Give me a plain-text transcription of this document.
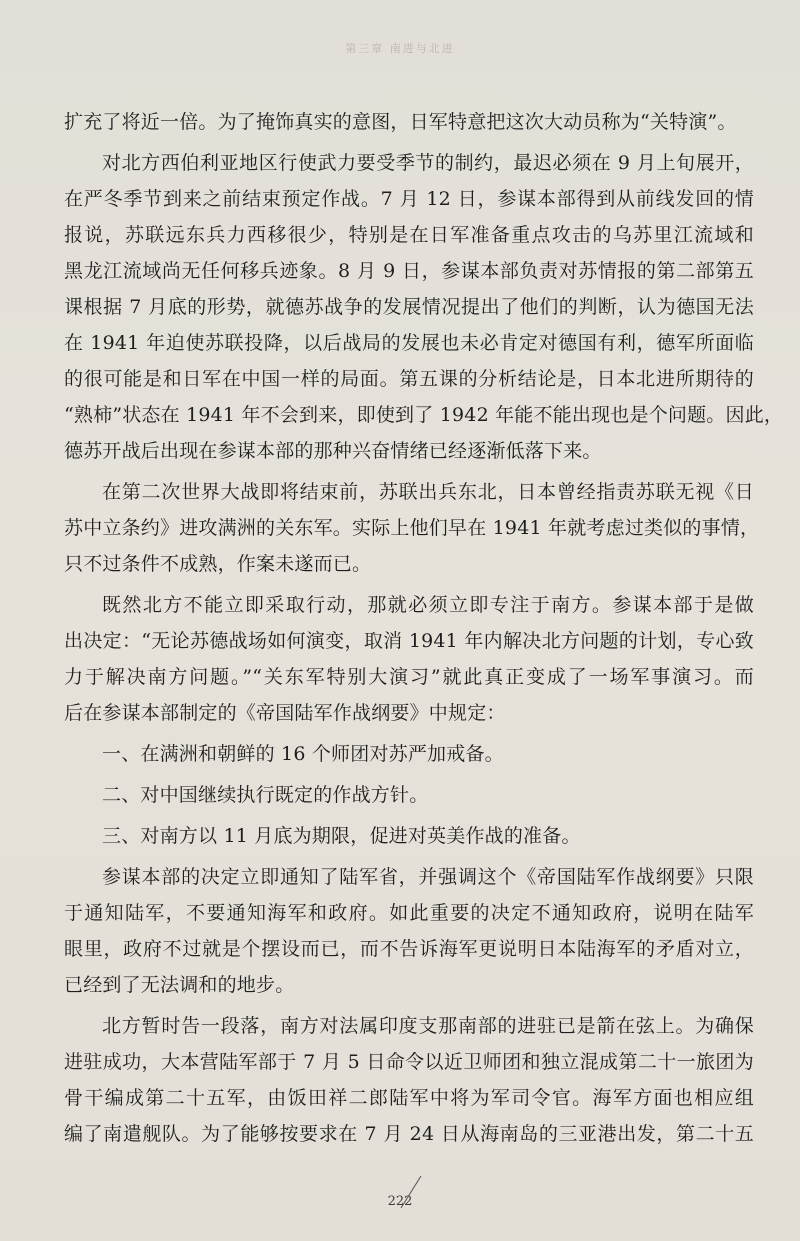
第三章 南进与北进
扩充了将近一倍。为了掩饰真实的意图，日军特意把这次大动员称为“关特演”。
对北方西伯利亚地区行使武力要受季节的制约，最迟必须在 9 月上旬展开，
在严冬季节到来之前结束预定作战。7 月 12 日，参谋本部得到从前线发回的情
报说，苏联远东兵力西移很少，特别是在日军准备重点攻击的乌苏里江流域和
黑龙江流域尚无任何移兵迹象。8 月 9 日，参谋本部负责对苏情报的第二部第五
课根据 7 月底的形势，就德苏战争的发展情况提出了他们的判断，认为德国无法
在 1941 年迫使苏联投降，以后战局的发展也未必肯定对德国有利，德军所面临
的很可能是和日军在中国一样的局面。第五课的分析结论是，日本北进所期待的
“熟柿”状态在 1941 年不会到来，即使到了 1942 年能不能出现也是个问题。因此，
德苏开战后出现在参谋本部的那种兴奋情绪已经逐渐低落下来。
在第二次世界大战即将结束前，苏联出兵东北，日本曾经指责苏联无视《日
苏中立条约》进攻满洲的关东军。实际上他们早在 1941 年就考虑过类似的事情，
只不过条件不成熟，作案未遂而已。
既然北方不能立即采取行动，那就必须立即专注于南方。参谋本部于是做
出决定：“无论苏德战场如何演变，取消 1941 年内解决北方问题的计划，专心致
力于解决南方问题。”“关东军特别大演习”就此真正变成了一场军事演习。而
后在参谋本部制定的《帝国陆军作战纲要》中规定：
一、在满洲和朝鲜的 16 个师团对苏严加戒备。
二、对中国继续执行既定的作战方针。
三、对南方以 11 月底为期限，促进对英美作战的准备。
参谋本部的决定立即通知了陆军省，并强调这个《帝国陆军作战纲要》只限
于通知陆军，不要通知海军和政府。如此重要的决定不通知政府，说明在陆军
眼里，政府不过就是个摆设而已，而不告诉海军更说明日本陆海军的矛盾对立，
已经到了无法调和的地步。
北方暂时告一段落，南方对法属印度支那南部的进驻已是箭在弦上。为确保
进驻成功，大本营陆军部于 7 月 5 日命令以近卫师团和独立混成第二十一旅团为
骨干编成第二十五军，由饭田祥二郎陆军中将为军司令官。海军方面也相应组
编了南遣舰队。为了能够按要求在 7 月 24 日从海南岛的三亚港出发，第二十五
222
